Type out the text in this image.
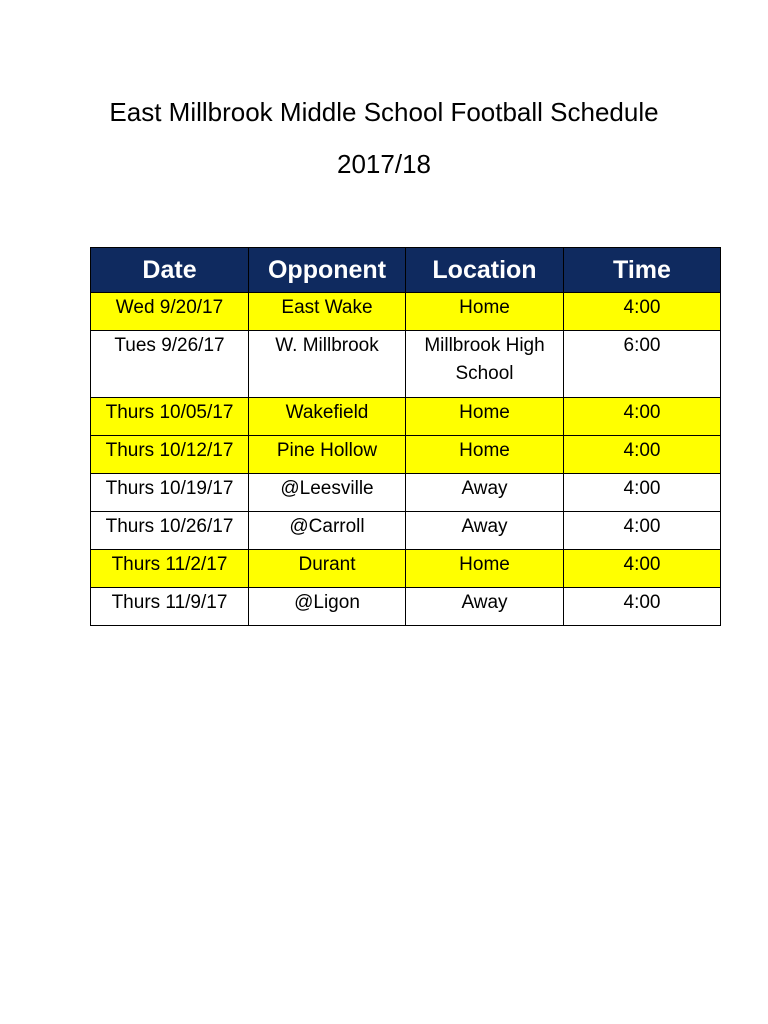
East Millbrook Middle School Football Schedule
2017/18
Date	Opponent	Location	Time
Wed 9/20/17	East Wake	Home	4:00
Tues 9/26/17	W. Millbrook	Millbrook High School	6:00
Thurs 10/05/17	Wakefield	Home	4:00
Thurs 10/12/17	Pine Hollow	Home	4:00
Thurs 10/19/17	@Leesville	Away	4:00
Thurs 10/26/17	@Carroll	Away	4:00
Thurs 11/2/17	Durant	Home	4:00
Thurs 11/9/17	@Ligon	Away	4:00
